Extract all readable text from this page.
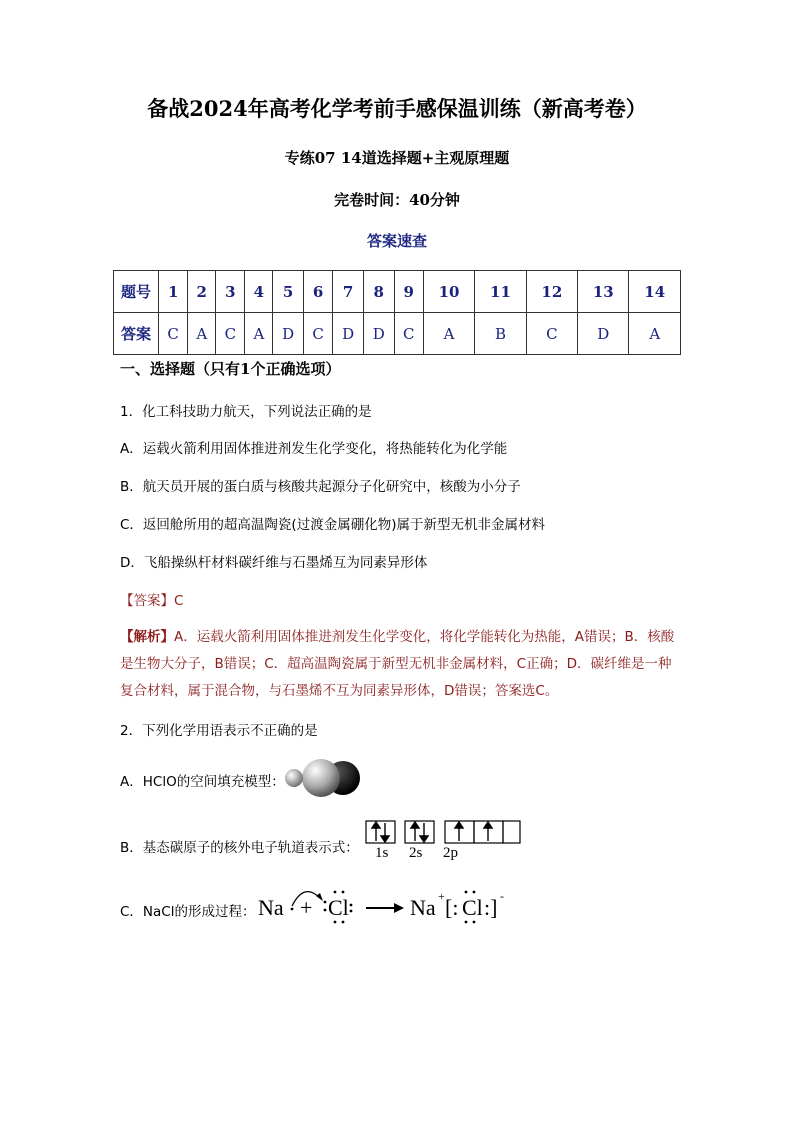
备战2024年高考化学考前手感保温训练（新高考卷）
专练07 14道选择题+主观原理题
完卷时间：40分钟
答案速查
题号	1	2	3	4	5	6	7	8	9	10	11	12	13	14
答案	C	A	C	A	D	C	D	D	C	A	B	C	D	A
一、选择题（只有1个正确选项）
1．化工科技助力航天，下列说法正确的是
A．运载火箭利用固体推进剂发生化学变化，将热能转化为化学能
B．航天员开展的蛋白质与核酸共起源分子化研究中，核酸为小分子
C．返回舱所用的超高温陶瓷(过渡金属硼化物)属于新型无机非金属材料
D．飞船操纵杆材料碳纤维与石墨烯互为同素异形体
【答案】C
【解析】A．运载火箭利用固体推进剂发生化学变化，将化学能转化为热能，A错误；B．核酸是生物大分子，B错误；C．超高温陶瓷属于新型无机非金属材料，C正确；D．碳纤维是一种复合材料，属于混合物，与石墨烯不互为同素异形体，D错误；答案选C。
2．下列化学用语表示不正确的是
A．HClO的空间填充模型：
B．基态碳原子的核外电子轨道表示式： 1s 2s 2p
C．NaCl的形成过程： Na + Cl	Na [: Cl :]
+	-
